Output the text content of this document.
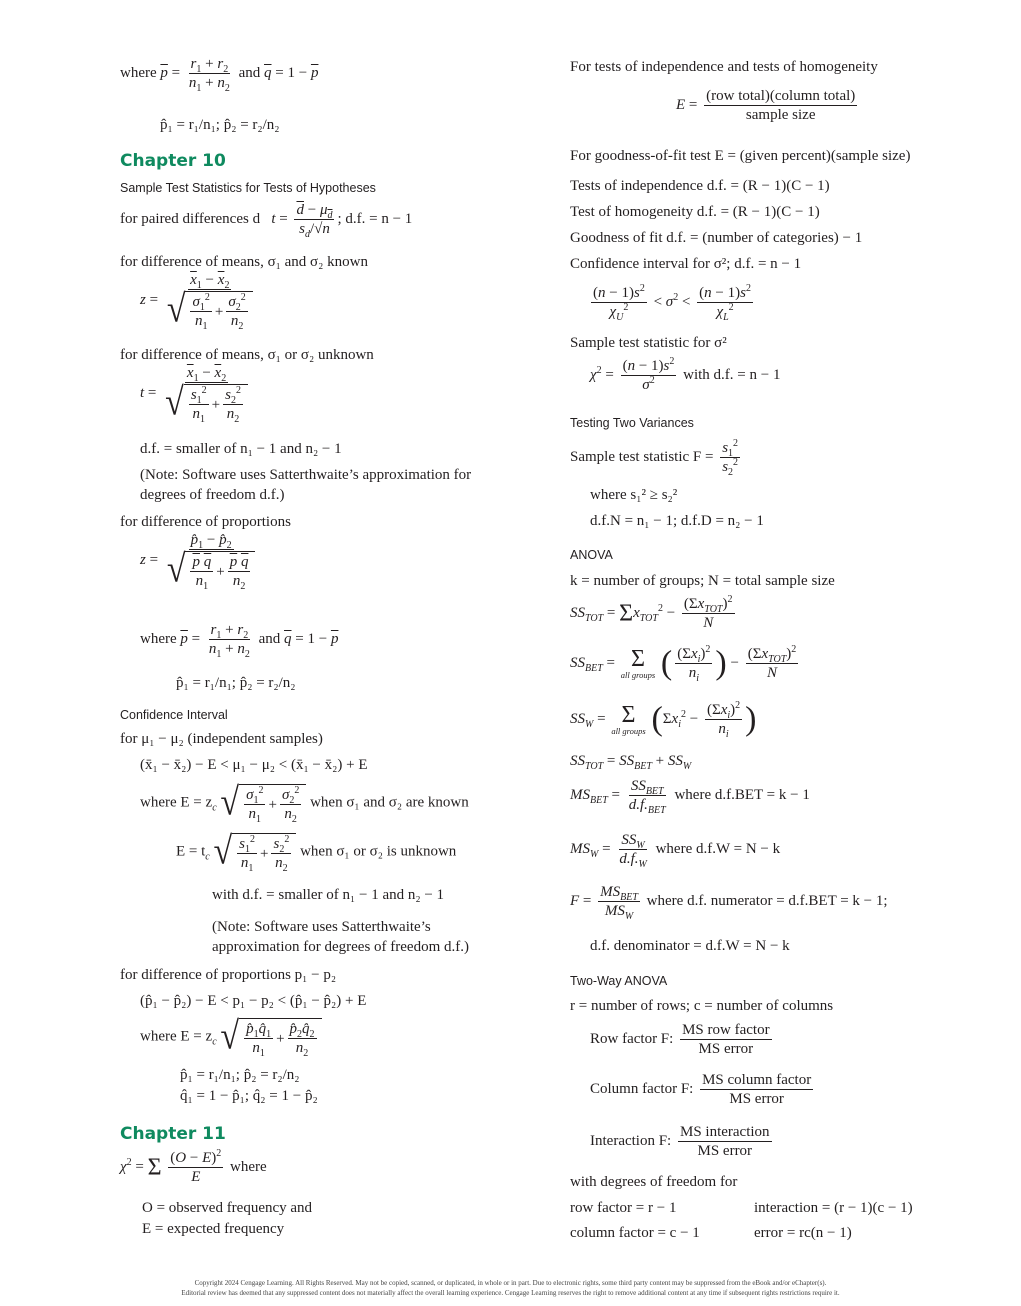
where $\overline{p} = \frac{r_1 + r_2}{n_1 + n_2}$ and $\overline{q} = 1 - \overline{p}$
p̂₁ = r₁/n₁; p̂₂ = r₂/n₂
Chapter 10
Sample Test Statistics for Tests of Hypotheses
for paired differences d $t = \frac{\overline{d} - \mu_{\overline{d}}}{s_d/√n}$ ; d.f. = n − 1
for difference of means, σ₁ and σ₂ known
$z = \frac{\overline{x}_1 - \overline{x}_2}{√ \frac{\sigma_1^2}{n_1} + \frac{\sigma_2^2}{n_2}}$
for difference of means, σ₁ or σ₂ unknown
$t = \frac{\overline{x}_1 - \overline{x}_2}{√ \frac{s_1^2}{n_1} + \frac{s_2^2}{n_2}}$
d.f. = smaller of n₁ − 1 and n₂ − 1
(Note: Software uses Satterthwaite’s approximation for
degrees of freedom d.f.)
for difference of proportions
$z = \frac{p̂_1 - p̂_2}{√ \frac{p \overline{q}}{n_1} + \frac{\overline{p} \overline{q}}{n_2}}$
where $\overline{p} = \frac{r_1 + r_2}{n_1 + n_2}$ and $\overline{q} = 1 - \overline{p}$
p̂₁ = r₁/n₁; p̂₂ = r₂/n₂
Confidence Interval
for μ₁ − μ₂ (independent samples)
(x̄₁ − x̄₂) − E < μ₁ − μ₂ < (x̄₁ − x̄₂) + E
where $E = z_c$ √ $\frac{\sigma_1^2}{n_1} + \frac{\sigma_2^2}{n_2}$ when σ₁ and σ₂ are known
$E = t_c$ √ $\frac{s_1^2}{n_1} + \frac{s_2^2}{n_2}$ when σ₁ or σ₂ is unknown
with d.f. = smaller of n₁ − 1 and n₂ − 1
(Note: Software uses Satterthwaite’s
approximation for degrees of freedom d.f.)
for difference of proportions p₁ − p₂
(p̂₁ − p̂₂) − E < p₁ − p₂ < (p̂₁ − p̂₂) + E
where $E = z_c$ √ $\frac{p̂_1q̂_1}{n_1} + \frac{p̂_2q̂_2}{n_2}$
p̂₁ = r₁/n₁; p̂₂ = r₂/n₂
q̂₁ = 1 − p̂₁; q̂₂ = 1 − p̂₂
Chapter 11
$\chi^2 = \Sigma \frac{(O - E)^2}{E}$ where
O = observed frequency and
E = expected frequency
For tests of independence and tests of homogeneity
$E = \frac{\text{(row total)(column total)}}{\text{sample size}}$
For goodness-of-fit test E = (given percent)(sample size)
Tests of independence d.f. = (R − 1)(C − 1)
Test of homogeneity d.f. = (R − 1)(C − 1)
Goodness of fit d.f. = (number of categories) − 1
Confidence interval for σ²; d.f. = n − 1
$\frac{(n - 1)s^2}{\chi_U^2} < \sigma^2 < \frac{(n - 1)s^2}{\chi_L^2}$
Sample test statistic for σ²
$\chi^2 = \frac{(n - 1)s^2}{\sigma^2}$ with d.f. = n − 1
Testing Two Variances
Sample test statistic $F = \frac{s_1^2}{s_2^2}$
where s₁² ≥ s₂²
d.f.N = n₁ − 1; d.f.D = n₂ − 1
ANOVA
k = number of groups; N = total sample size
$SS_{TOT} = \Sigma x_{TOT}^2 - \frac{(\Sigma x_{TOT})^2}{N}$
$SS_{BET} = \Sigma$
all groups ( $\frac{(\Sigma x_i)^2}{n_i}$ ) − $\frac{(\Sigma x_{TOT})^2}{N}$
$SS_W = \Sigma$
all groups ($\Sigma x_i^2 - \frac{(\Sigma x_i)^2}{n_i}$ )
$SS_{TOT} = SS_{BET} + SS_W$
$MS_{BET} = \frac{SS_{BET}}{d.f._{BET}}$ where d.f.BET = k − 1
$MS_W = \frac{SS_W}{d.f._W}$ where d.f.W = N − k
$F = \frac{MS_{BET}}{MS_W}$ where d.f. numerator = d.f.BET = k − 1;
d.f. denominator = d.f.W = N − k
Two-Way ANOVA
r = number of rows; c = number of columns
Row factor F: $\frac{\text{MS row factor}}{\text{MS error}}$
Column factor F: $\frac{\text{MS column factor}}{\text{MS error}}$
Interaction F: $\frac{\text{MS interaction}}{\text{MS error}}$
with degrees of freedom for
row factor = r − 1	interaction = (r − 1)(c − 1)
column factor = c − 1	error = rc(n − 1)
Copyright 2024 Cengage Learning. All Rights Reserved. May not be copied, scanned, or duplicated, in whole or in part. Due to electronic rights, some third party content may be suppressed from the eBook and/or eChapter(s).
Editorial review has deemed that any suppressed content does not materially affect the overall learning experience. Cengage Learning reserves the right to remove additional content at any time if subsequent rights restrictions require it.
